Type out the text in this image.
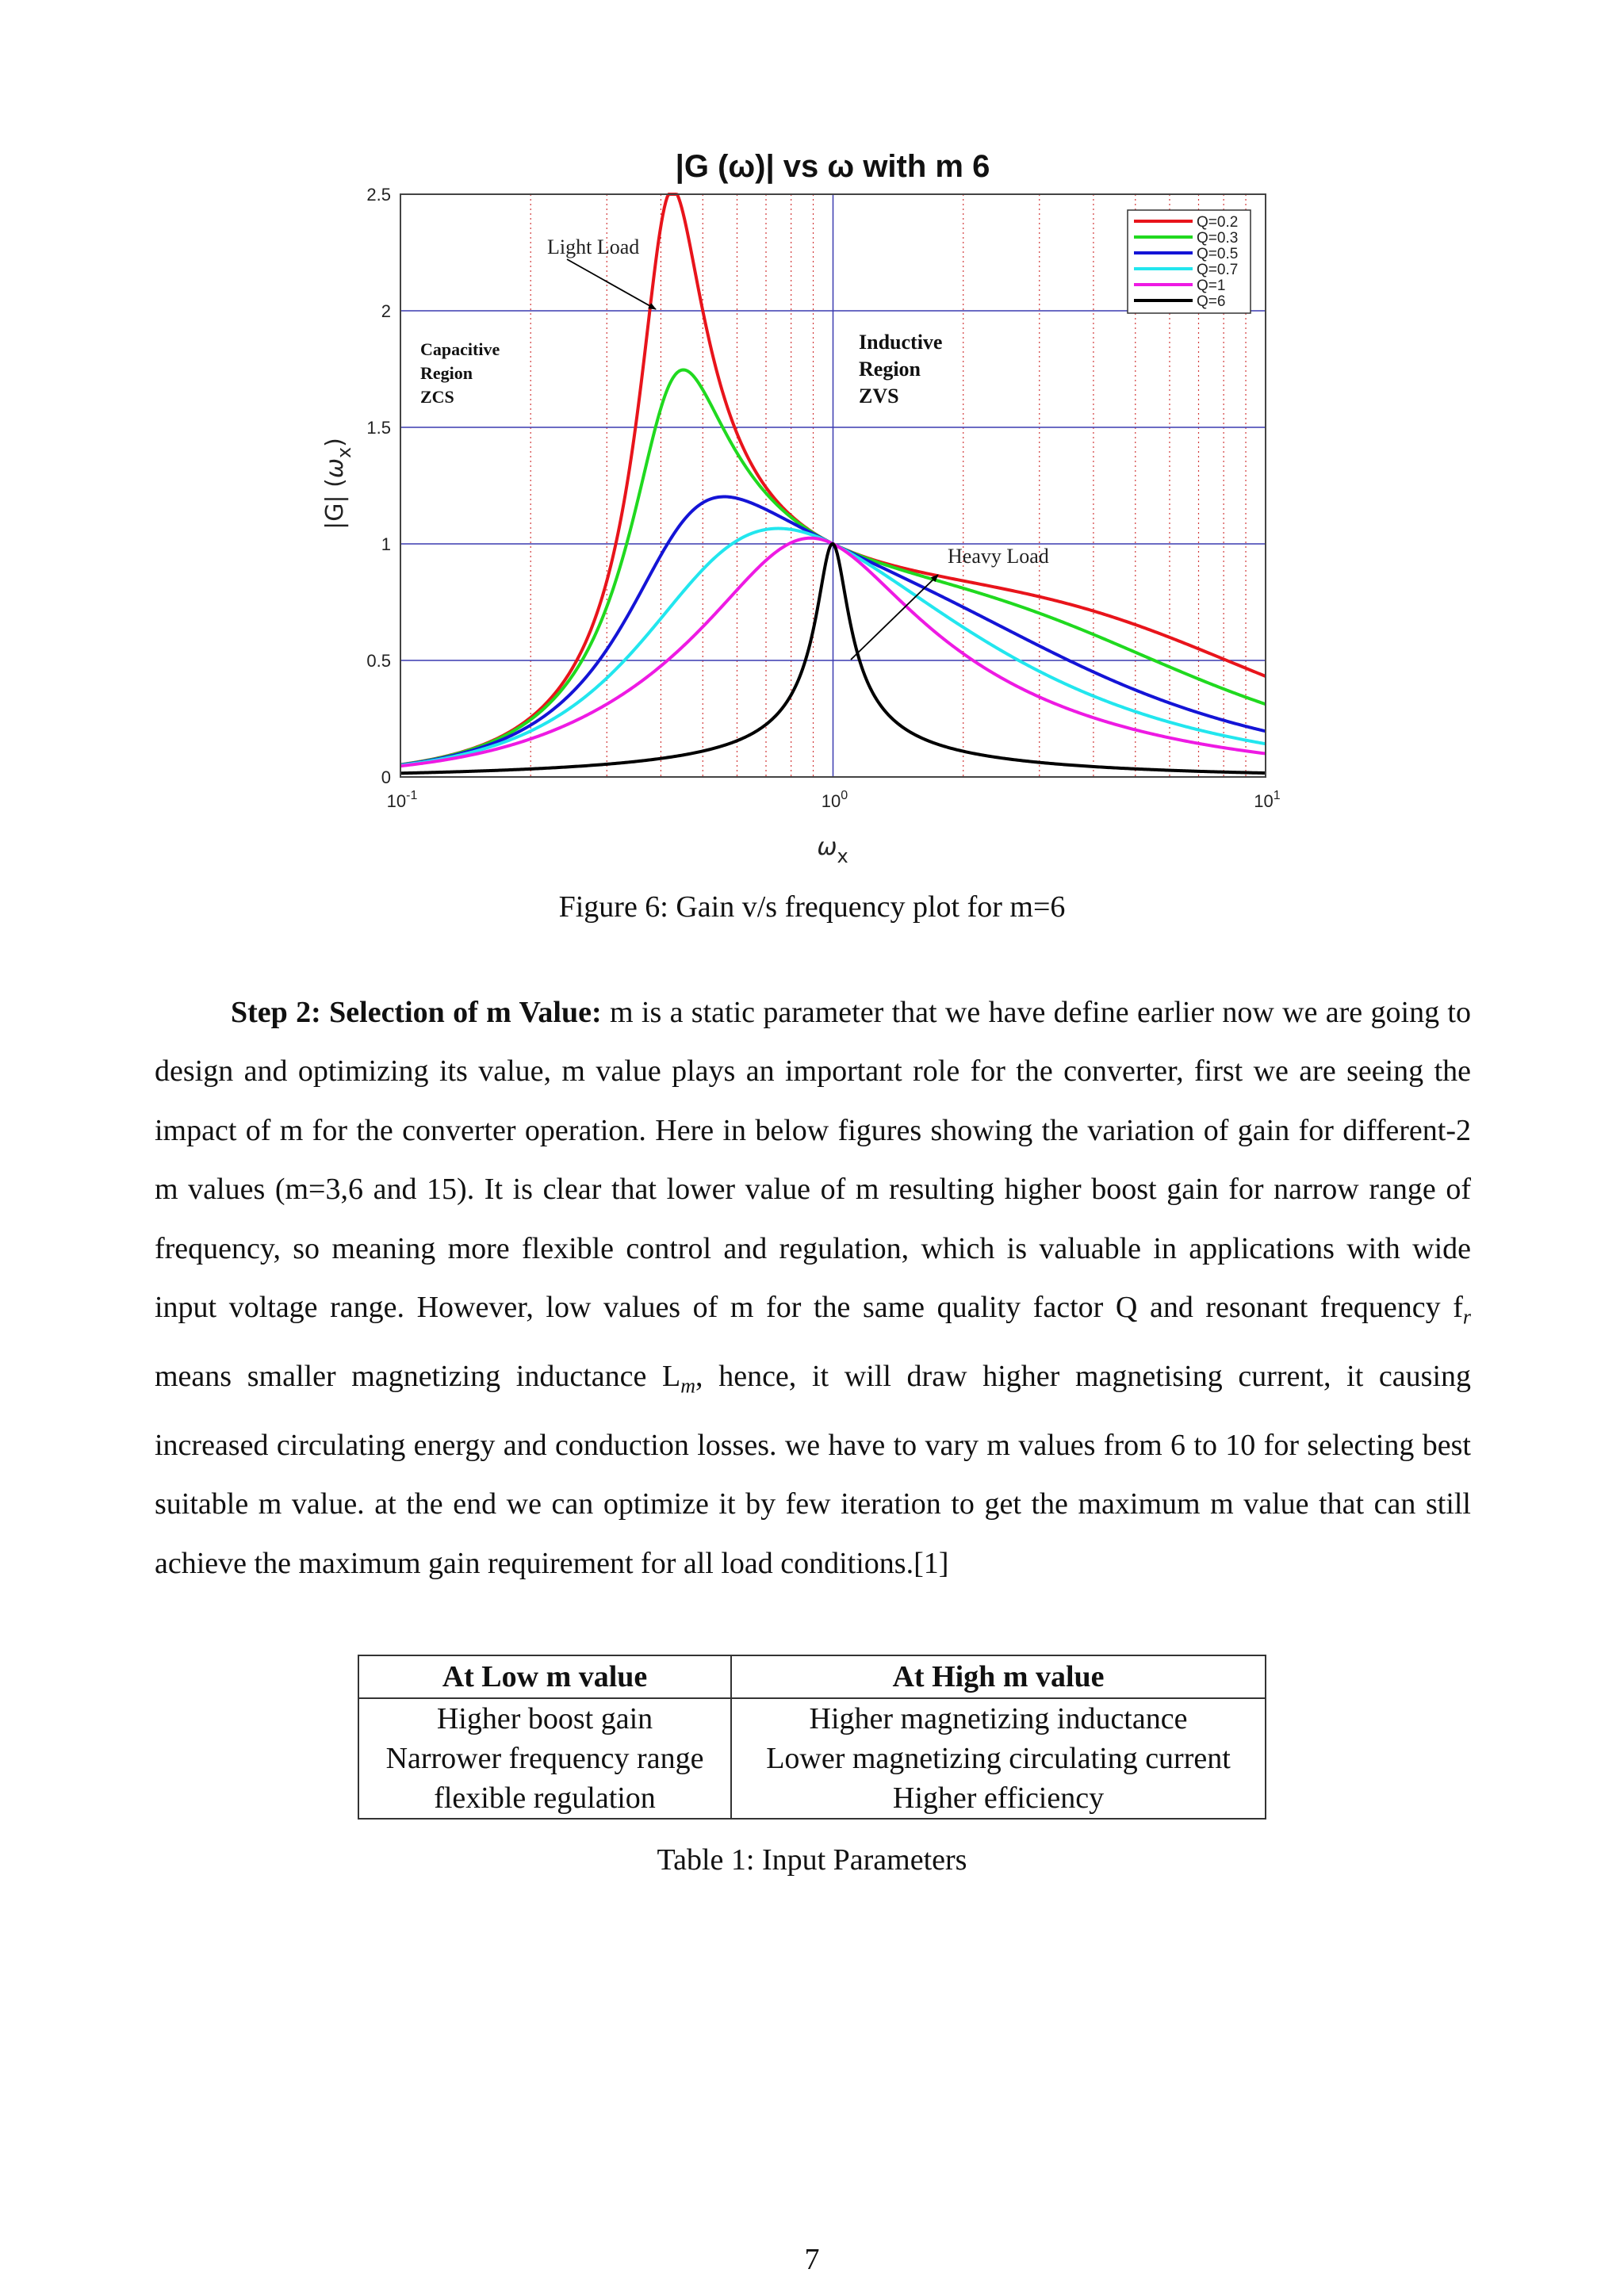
|G (ω)| vs ω with m 6
0
0.5
1
1.5
2
2.5
$10^{-1}$	$10^0$	$10^1$
$\omega_x$
|G| $(\omega_x)$
Light Load
Heavy Load
Capacitive
Region
ZCS
Inductive
Region
ZVS
Q=0.2
Q=0.3
Q=0.5
Q=0.7
Q=1
Q=6
Figure 6: Gain v/s frequency plot for m=6
Step 2: Selection of m Value: m is a static parameter that we have define earlier now we are going to design and optimizing its value, m value plays an important role for the converter, first we are seeing the impact of m for the converter operation. Here in below figures showing the variation of gain for different-2 m values (m=3,6 and 15). It is clear that lower value of m resulting higher boost gain for narrow range of frequency, so meaning more flexible control and regulation, which is valuable in applications with wide input voltage range. However, low values of m for the same quality factor Q and resonant frequency $f_r$ means smaller magnetizing inductance $L_m$, hence, it will draw higher magnetising current, it causing increased circulating energy and conduction losses. we have to vary m values from 6 to 10 for selecting best suitable m value. at the end we can optimize it by few iteration to get the maximum m value that can still achieve the maximum gain requirement for all load conditions.[1]
At Low m value	At High m value
Higher boost gain	Higher magnetizing inductance
Narrower frequency range	Lower magnetizing circulating current
flexible regulation	Higher efficiency
Table 1: Input Parameters
7
